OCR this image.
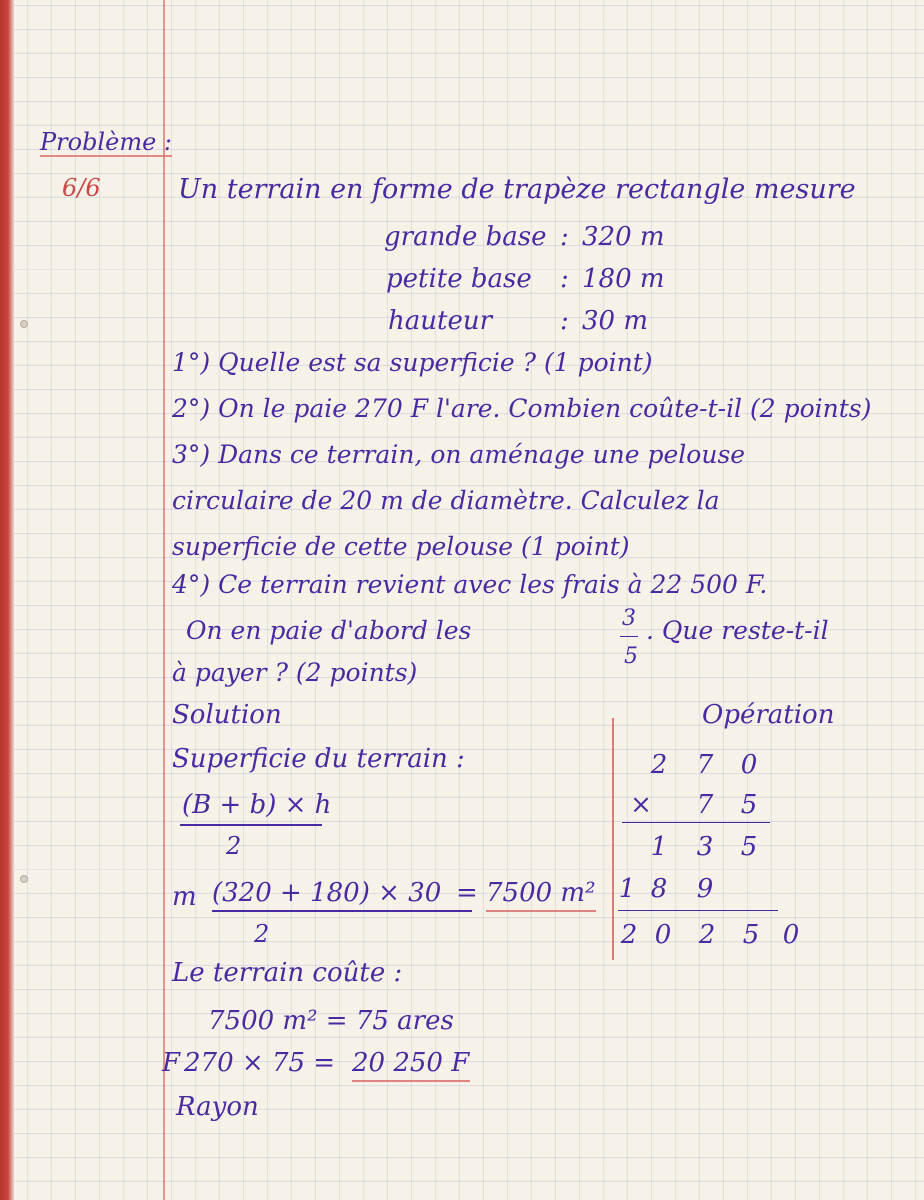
Problème :
6/6	Un terrain en forme de trapèze rectangle mesure
grande base : 320 m
petite base : 180 m
hauteur	: 30 m
1°) Quelle est sa superficie ? (1 point)
2°) On le paie 270 F l'are. Combien coûte-t-il (2 points)
3°) Dans ce terrain, on aménage une pelouse
circulaire de 20 m de diamètre. Calculez la
superficie de cette pelouse (1 point)
4°) Ce terrain revient avec les frais à 22 500 F.
On en paie d'abord les	3
5
. Que reste-t-il
à payer ? (2 points)
Solution
Superficie du terrain :
(B + b) × h
2
m (320 + 180) × 30 = 7500 m²
2
Le terrain coûte :
7500 m² = 75 ares
F 270 × 75 = 20 250 F
Rayon
Opération
2 7 0
× 7 5
1 3 5
1 8 9
2 0 2 5 0
